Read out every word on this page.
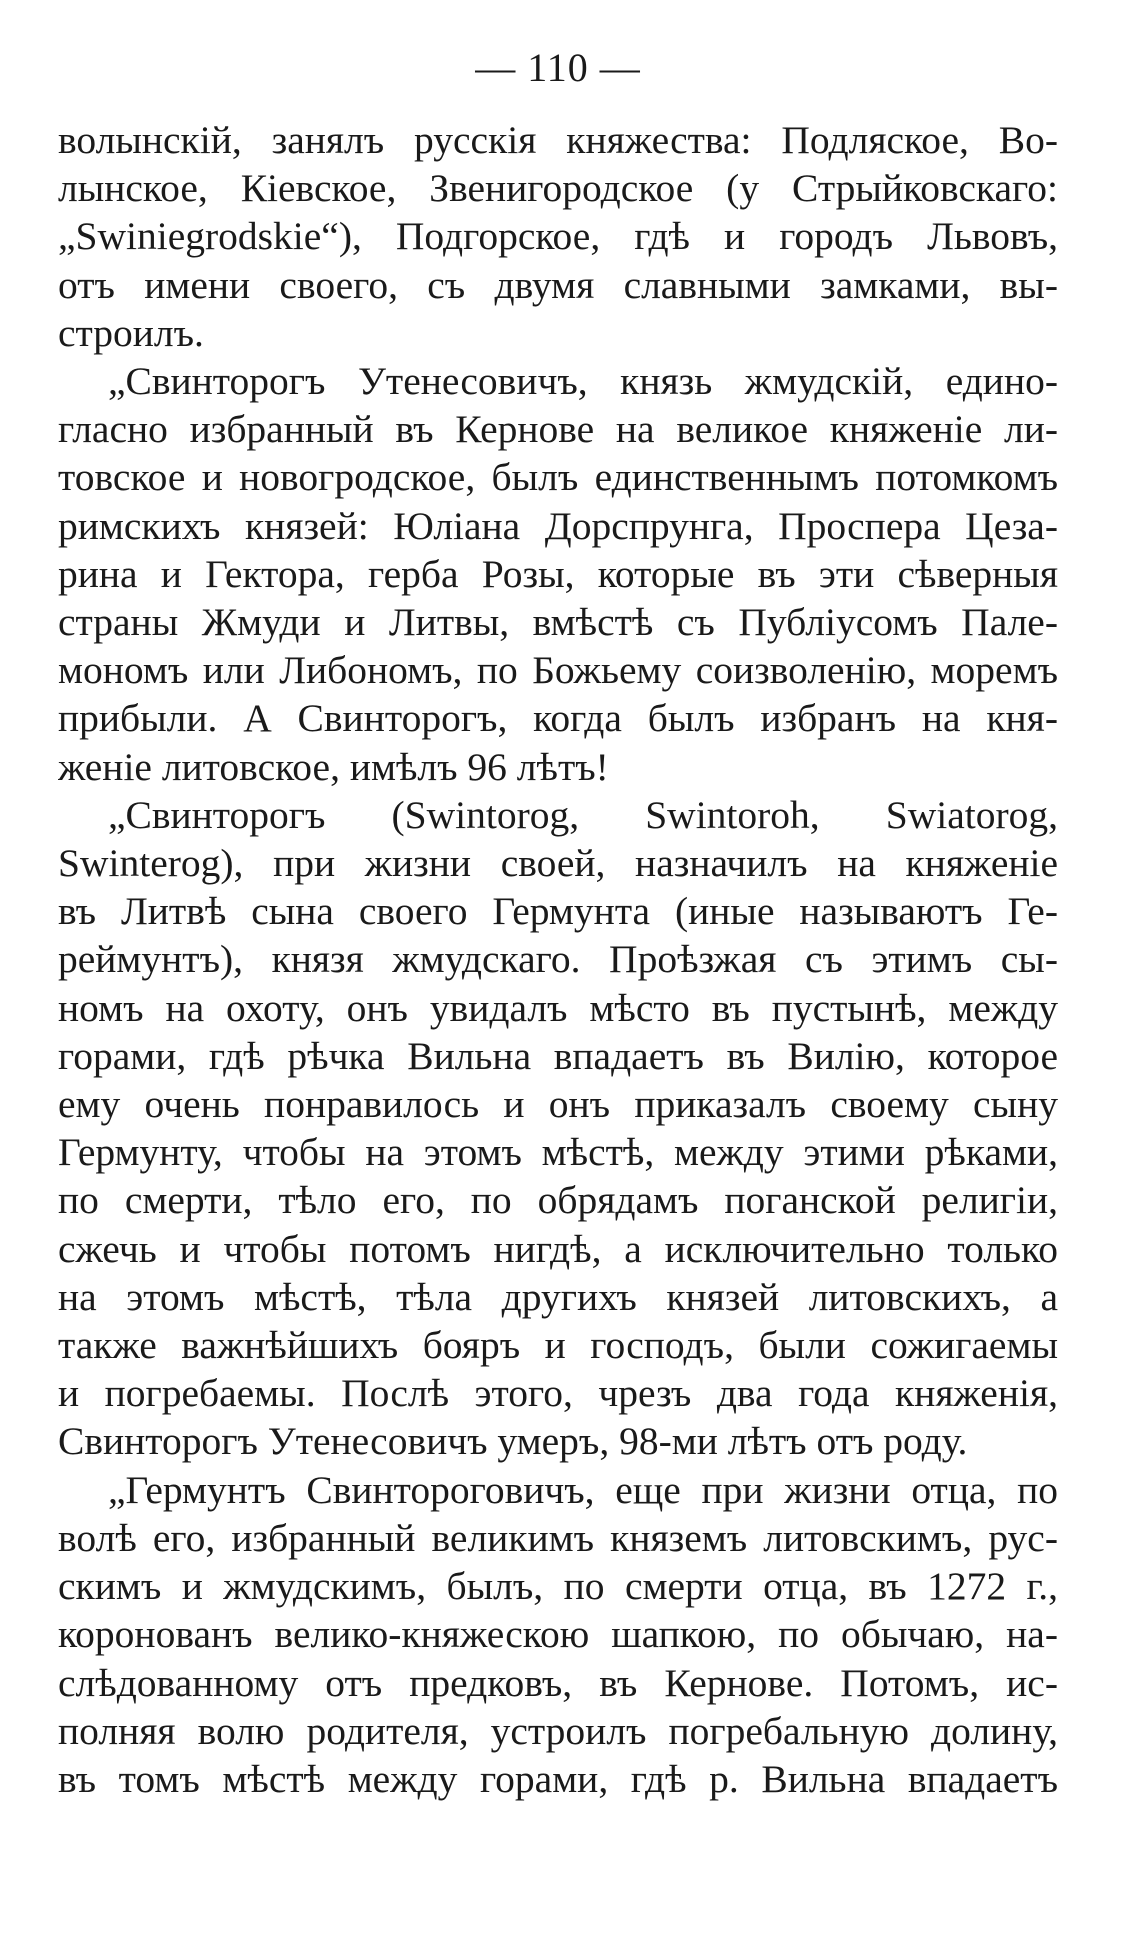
— 110 —
волынскій, занялъ русскія княжества: Подляское, Во-
лынское, Кіевское, Звенигородское (у Стрыйковскаго:
„Swiniegrodskie“), Подгорское, гдѣ и городъ Львовъ,
отъ имени своего, съ двумя славными замками, вы-
строилъ.
„Свинторогъ Утенесовичъ, князь жмудскій, едино-
гласно избранный въ Кернове на великое княженіе ли-
товское и новогродское, былъ единственнымъ потомкомъ
римскихъ князей: Юліана Дорспрунга, Проспера Цеза-
рина и Гектора, герба Розы, которые въ эти сѣверныя
страны Жмуди и Литвы, вмѣстѣ съ Публіусомъ Пале-
мономъ или Либономъ, по Божьему соизволенію, моремъ
прибыли. А Свинторогъ, когда былъ избранъ на кня-
женіе литовское, имѣлъ 96 лѣтъ!
„Свинторогъ (Swintorog, Swintoroh, Swiatorog,
Swinterog), при жизни своей, назначилъ на княженіе
въ Литвѣ сына своего Гермунта (иные называютъ Ге-
реймунтъ), князя жмудскаго. Проѣзжая съ этимъ сы-
номъ на охоту, онъ увидалъ мѣсто въ пустынѣ, между
горами, гдѣ рѣчка Вильна впадаетъ въ Вилію, которое
ему очень понравилось и онъ приказалъ своему сыну
Гермунту, чтобы на этомъ мѣстѣ, между этими рѣками,
по смерти, тѣло его, по обрядамъ поганской религіи,
сжечь и чтобы потомъ нигдѣ, а исключительно только
на этомъ мѣстѣ, тѣла другихъ князей литовскихъ, а
также важнѣйшихъ бояръ и господъ, были сожигаемы
и погребаемы. Послѣ этого, чрезъ два года княженія,
Свинторогъ Утенесовичъ умеръ, 98-ми лѣтъ отъ роду.
„Гермунтъ Свинтороговичъ, еще при жизни отца, по
волѣ его, избранный великимъ княземъ литовскимъ, рус-
скимъ и жмудскимъ, былъ, по смерти отца, въ 1272 г.,
коронованъ велико-княжескою шапкою, по обычаю, на-
слѣдованному отъ предковъ, въ Кернове. Потомъ, ис-
полняя волю родителя, устроилъ погребальную долину,
въ томъ мѣстѣ между горами, гдѣ р. Вильна впадаетъ
